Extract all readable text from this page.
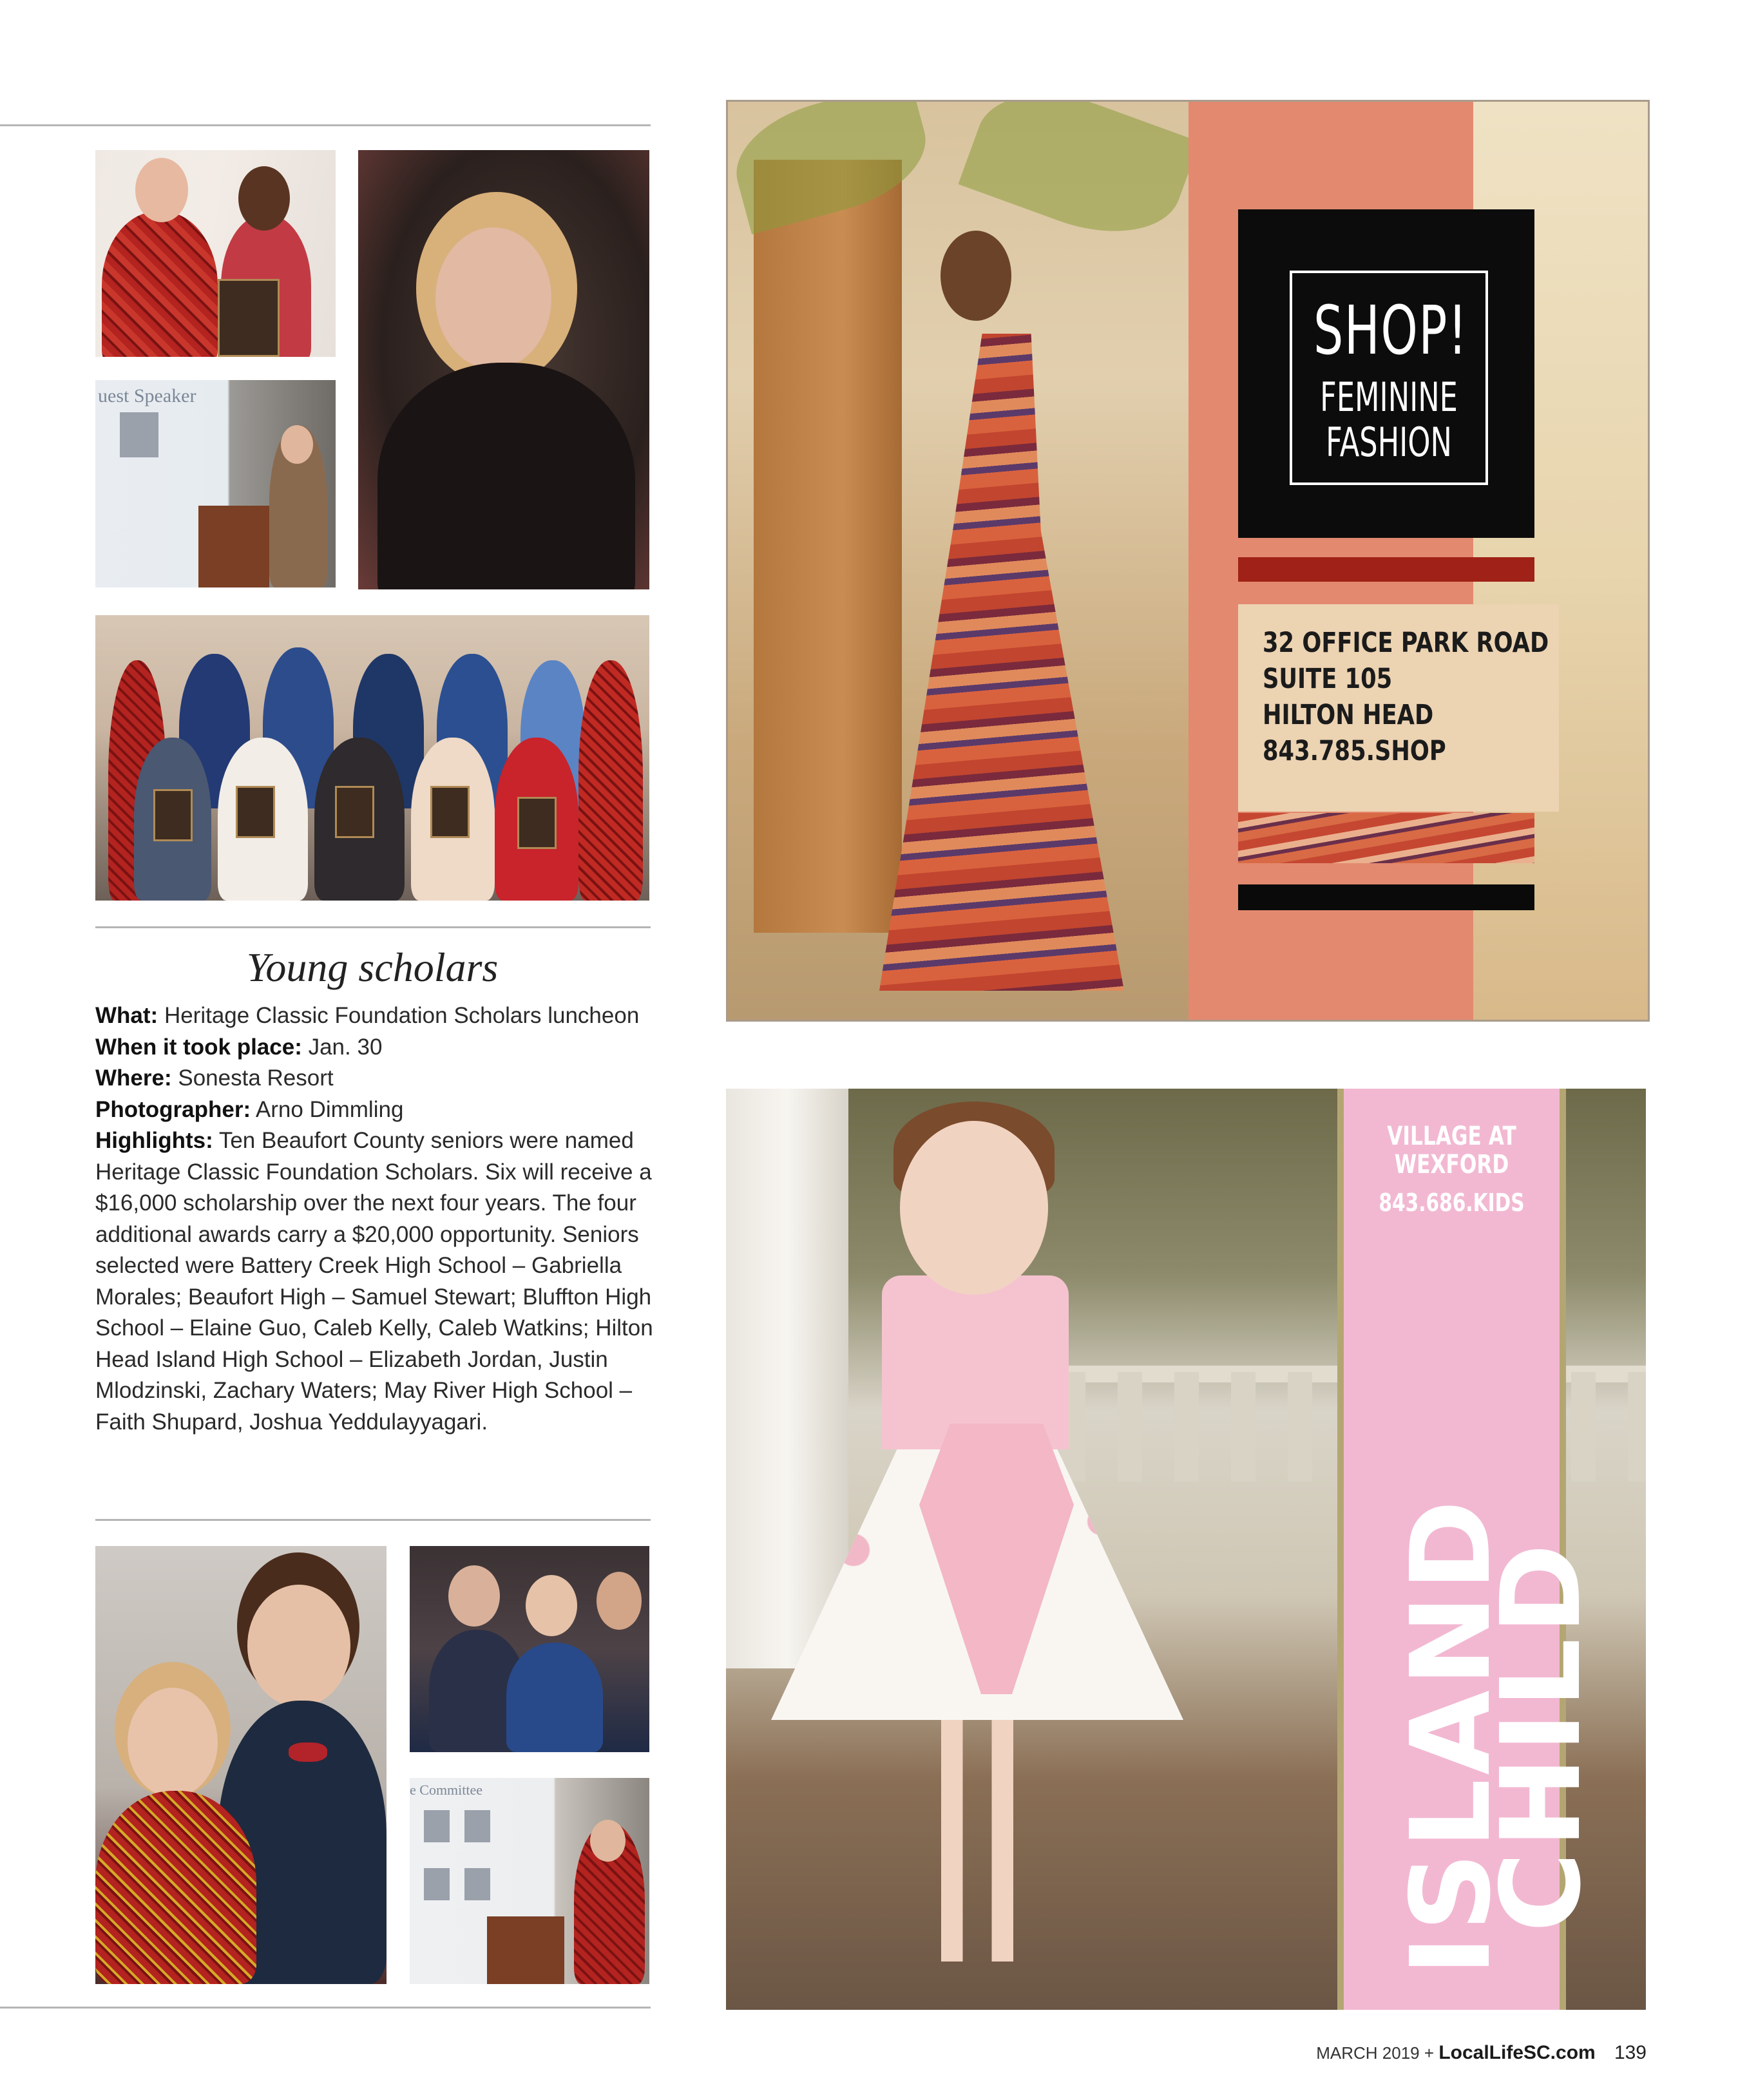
uest Speaker
Young scholars

What: Heritage Classic Foundation Scholars luncheon

When it took place: Jan. 30

Where: Sonesta Resort

Photographer: Arno Dimmling

Highlights: Ten Beaufort County seniors were named Heritage Classic Foundation Scholars. Six will receive a $16,000 scholarship over the next four years. The four additional awards carry a $20,000 opportunity. Seniors selected were Battery Creek High School – Gabriella Morales; Beaufort High – Samuel Stewart; Bluffton High School – Elaine Guo, Caleb Kelly, Caleb Watkins; Hilton Head Island High School – Elizabeth Jordan, Justin Mlodzinski, Zachary Waters; May River High School – Faith Shupard, Joshua Yeddulayyagari.

e Committee
SHOP!
FEMININE
FASHION
32 OFFICE PARK ROAD
SUITE 105
HILTON HEAD
843.785.SHOP
VILLAGE AT
WEXFORD
843.686.KIDS
ISLAND CHILD
MARCH 2019 + LocalLifeSC.com 139
